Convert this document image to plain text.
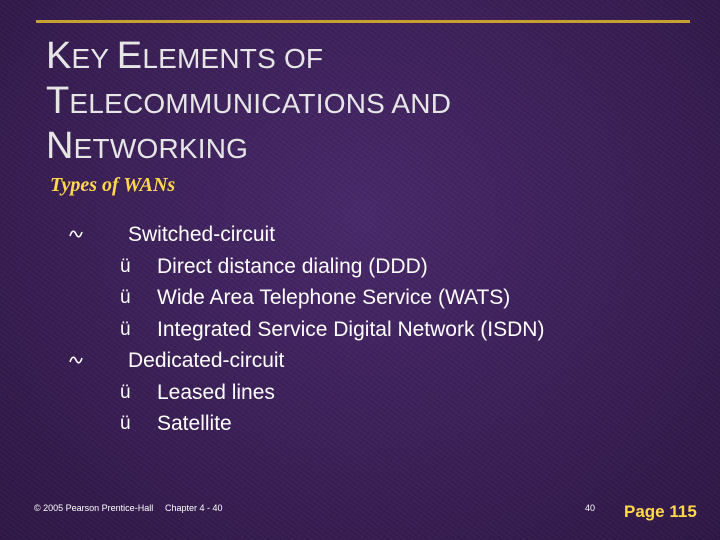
KEY ELEMENTS OF
TELECOMMUNICATIONS AND
NETWORKING
Types of WANs
Switched-circuit
ü Direct distance dialing (DDD)
ü Wide Area Telephone Service (WATS)
ü Integrated Service Digital Network (ISDN)
Dedicated-circuit
ü Leased lines
ü Satellite
© 2005 Pearson Prentice-Hall Chapter 4 - 40	40 Page 115
